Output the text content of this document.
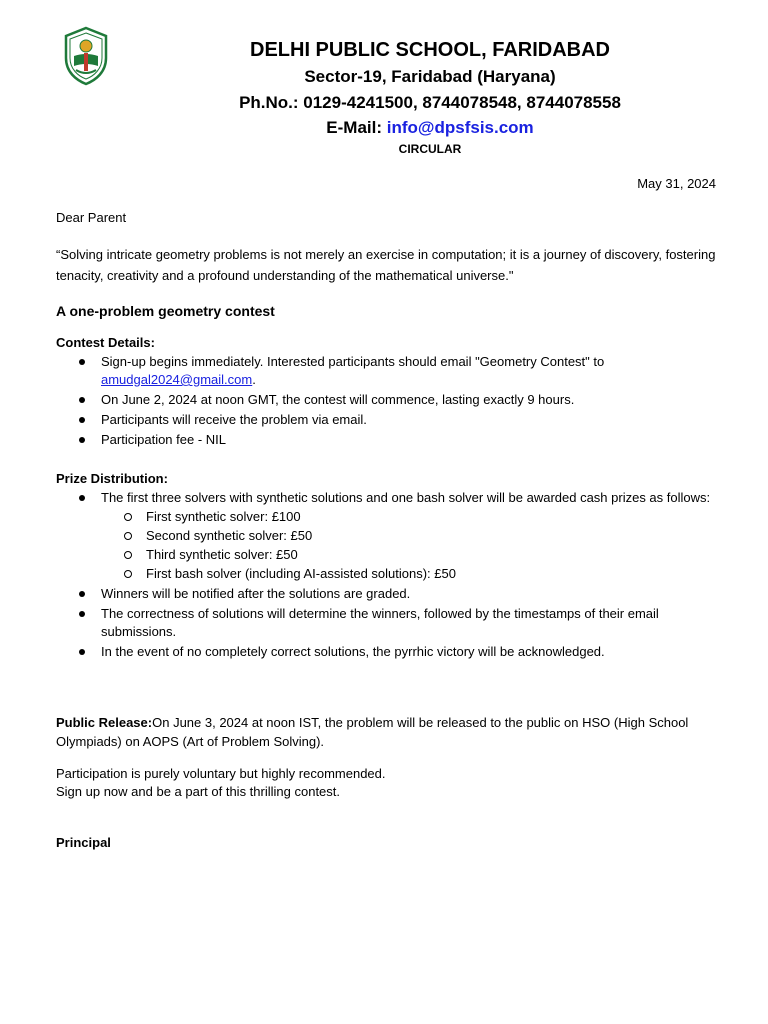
DELHI PUBLIC SCHOOL, FARIDABAD
Sector-19, Faridabad (Haryana)
Ph.No.: 0129-4241500, 8744078548, 8744078558
E-Mail: info@dpsfsis.com
CIRCULAR
May 31, 2024
Dear Parent
“Solving intricate geometry problems is not merely an exercise in computation; it is a journey of discovery, fostering tenacity, creativity and a profound understanding of the mathematical universe."
A one-problem geometry contest
Contest Details:
Sign-up begins immediately. Interested participants should email "Geometry Contest" to amudgal2024@gmail.com.
On June 2, 2024 at noon GMT, the contest will commence, lasting exactly 9 hours.
Participants will receive the problem via email.
Participation fee - NIL
Prize Distribution:
The first three solvers with synthetic solutions and one bash solver will be awarded cash prizes as follows:
First synthetic solver: £100
Second synthetic solver: £50
Third synthetic solver: £50
First bash solver (including AI-assisted solutions): £50
Winners will be notified after the solutions are graded.
The correctness of solutions will determine the winners, followed by the timestamps of their email submissions.
In the event of no completely correct solutions, the pyrrhic victory will be acknowledged.
Public Release:On June 3, 2024 at noon IST, the problem will be released to the public on HSO (High School Olympiads) on AOPS (Art of Problem Solving).
Participation is purely voluntary but highly recommended.
Sign up now and be a part of this thrilling contest.
Principal
